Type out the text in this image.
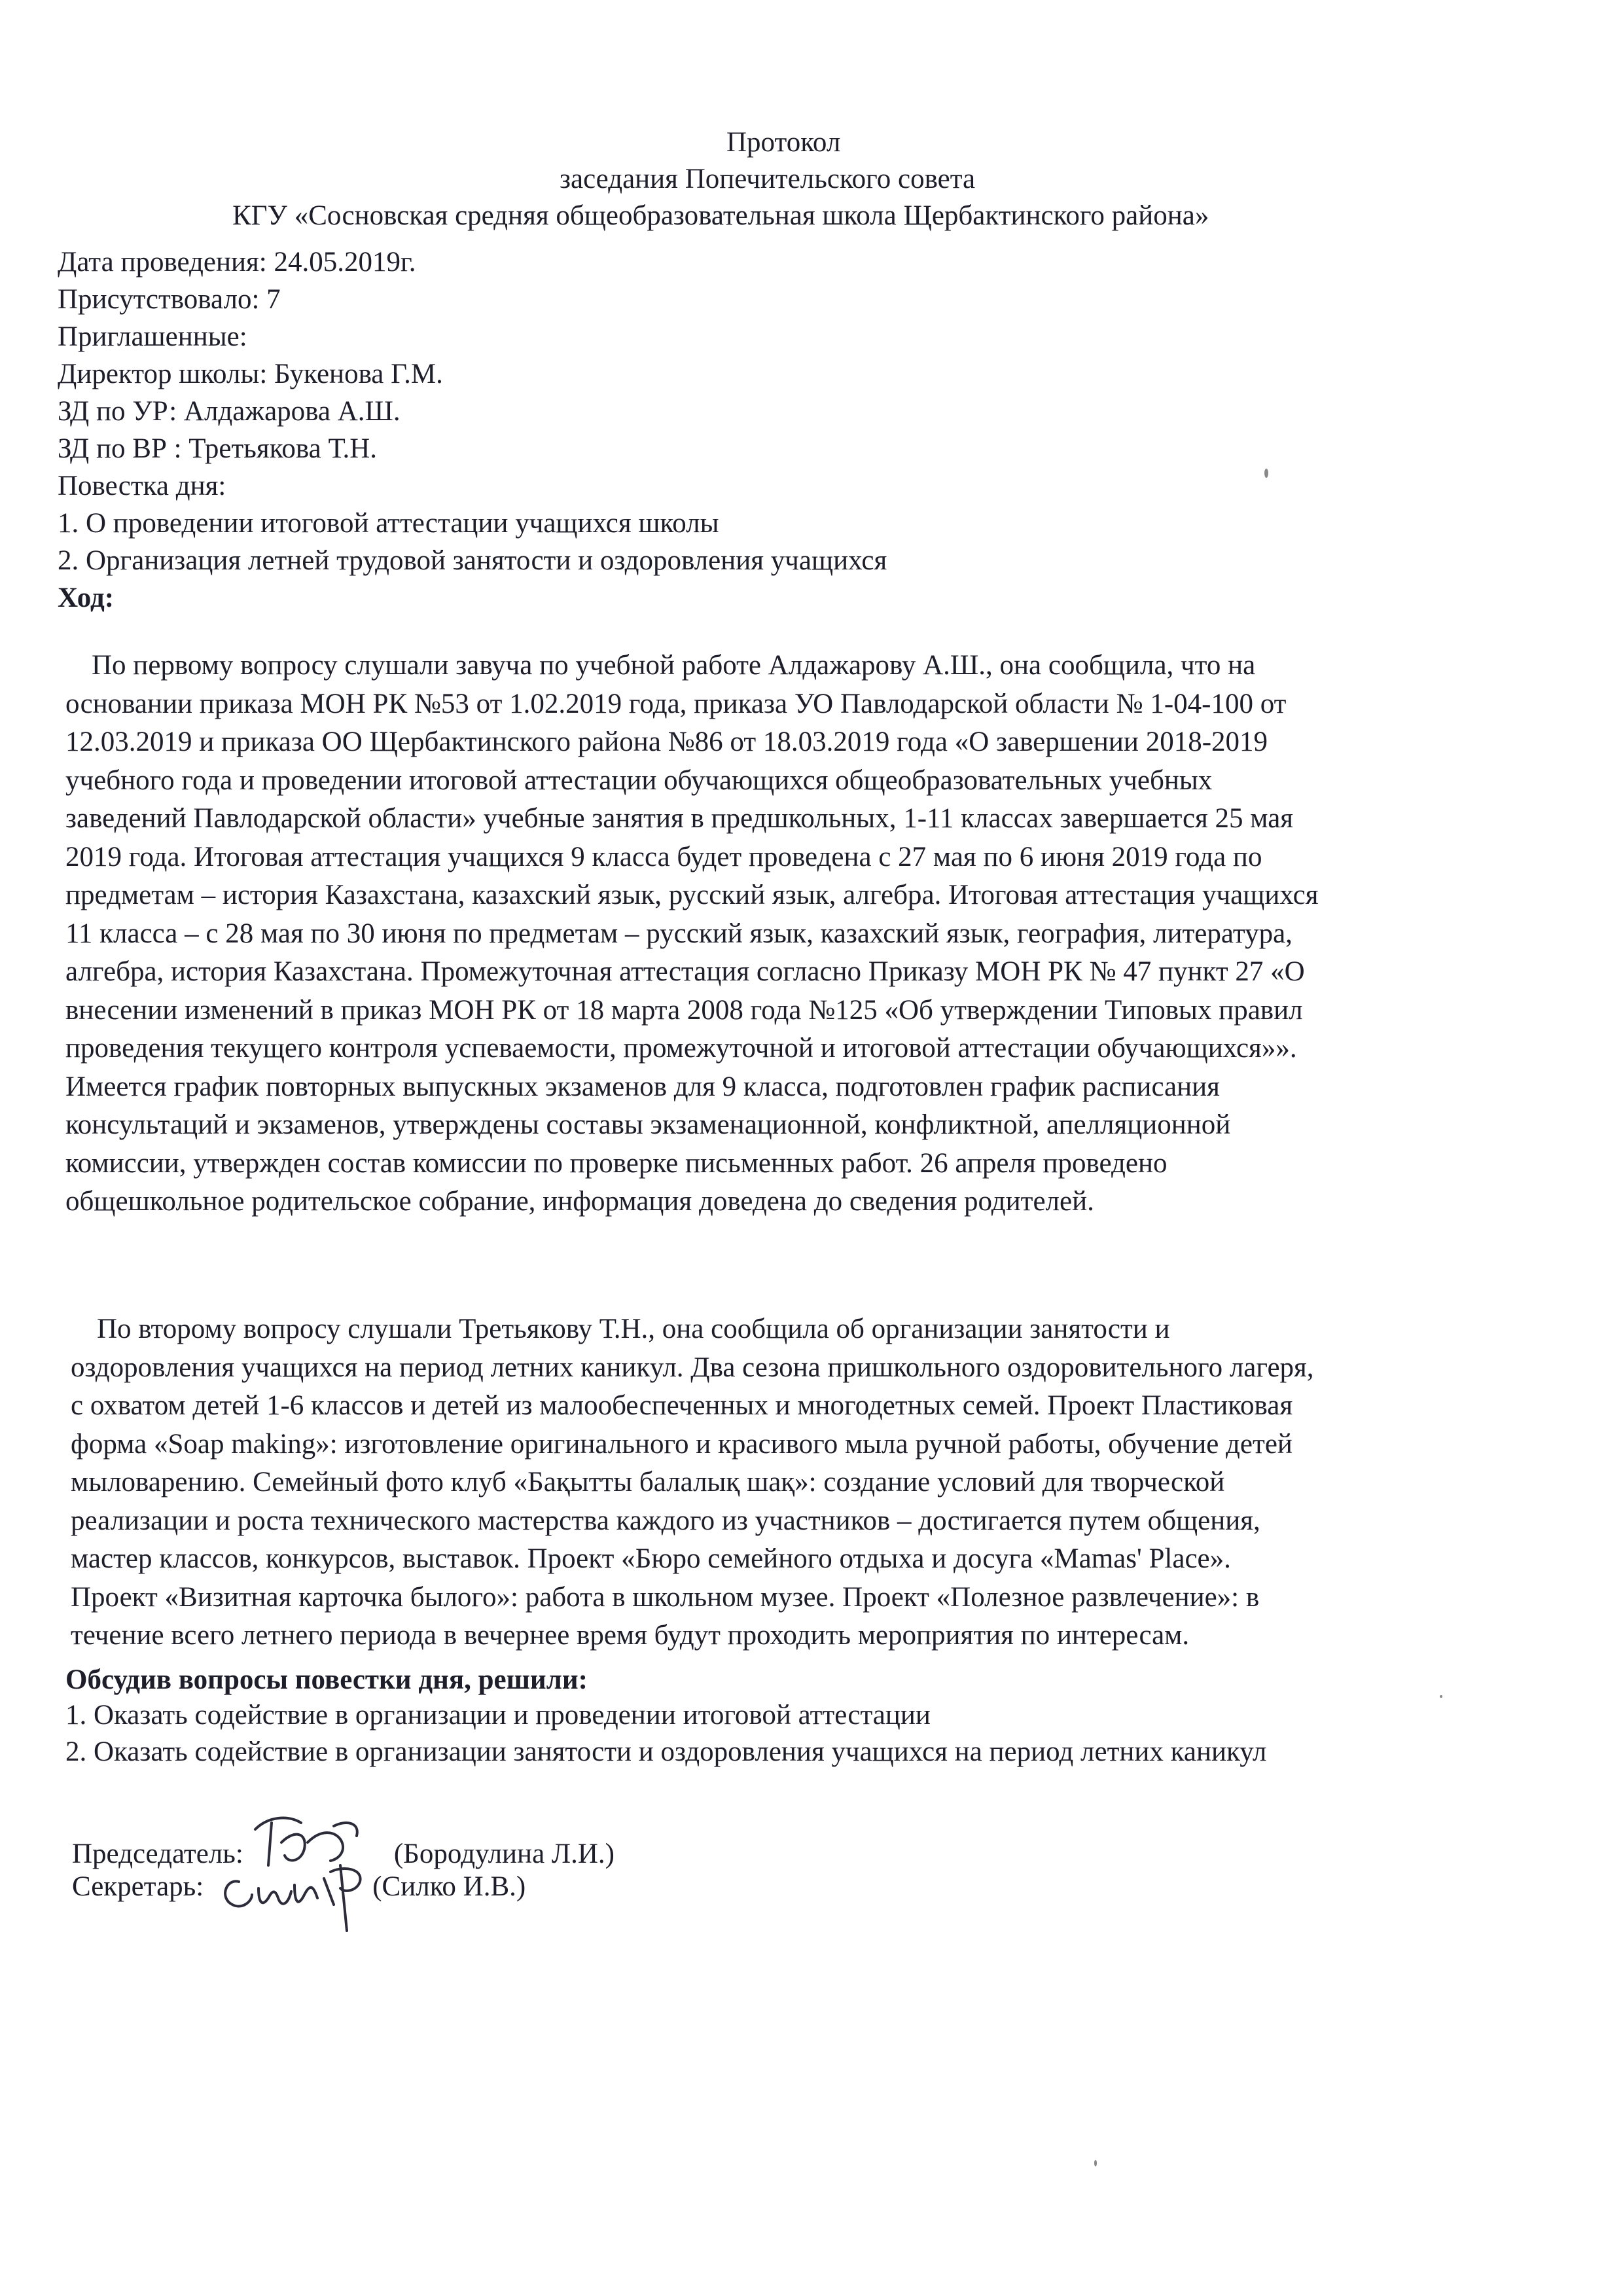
Протокол
заседания Попечительского совета
КГУ «Сосновская средняя общеобразовательная школа Щербактинского района»
Дата проведения: 24.05.2019г.
Присутствовало: 7
Приглашенные:
Директор школы: Букенова Г.М.
ЗД по УР: Алдажарова А.Ш.
ЗД по ВР : Третьякова Т.Н.
Повестка дня:
1. О проведении итоговой аттестации учащихся школы
2. Организация летней трудовой занятости и оздоровления учащихся
Ход:
По первому вопросу слушали завуча по учебной работе Алдажарову А.Ш., она сообщила, что на
основании приказа МОН РК №53 от 1.02.2019 года, приказа УО Павлодарской области № 1-04-100 от
12.03.2019 и приказа ОО Щербактинского района №86 от 18.03.2019 года «О завершении 2018-2019
учебного года и проведении итоговой аттестации обучающихся общеобразовательных учебных
заведений Павлодарской области» учебные занятия в предшкольных, 1-11 классах завершается 25 мая
2019 года. Итоговая аттестация учащихся 9 класса будет проведена с 27 мая по 6 июня 2019 года по
предметам – история Казахстана, казахский язык, русский язык, алгебра. Итоговая аттестация учащихся
11 класса – с 28 мая по 30 июня по предметам – русский язык, казахский язык, география, литература,
алгебра, история Казахстана. Промежуточная аттестация согласно Приказу МОН РК № 47 пункт 27 «О
внесении изменений в приказ МОН РК от 18 марта 2008 года №125 «Об утверждении Типовых правил
проведения текущего контроля успеваемости, промежуточной и итоговой аттестации обучающихся»».
Имеется график повторных выпускных экзаменов для 9 класса, подготовлен график расписания
консультаций и экзаменов, утверждены составы экзаменационной, конфликтной, апелляционной
комиссии, утвержден состав комиссии по проверке письменных работ. 26 апреля проведено
общешкольное родительское собрание, информация доведена до сведения родителей.
По второму вопросу слушали Третьякову Т.Н., она сообщила об организации занятости и
оздоровления учащихся на период летних каникул. Два сезона пришкольного оздоровительного лагеря,
с охватом детей 1-6 классов и детей из малообеспеченных и многодетных семей. Проект Пластиковая
форма «Soap making»: изготовление оригинального и красивого мыла ручной работы, обучение детей
мыловарению. Семейный фото клуб «Бақытты балалық шақ»: создание условий для творческой
реализации и роста технического мастерства каждого из участников – достигается путем общения,
мастер классов, конкурсов, выставок. Проект «Бюро семейного отдыха и досуга «Mamas' Place».
Проект «Визитная карточка былого»: работа в школьном музее. Проект «Полезное развлечение»: в
течение всего летнего периода в вечернее время будут проходить мероприятия по интересам.
Обсудив вопросы повестки дня, решили:
1. Оказать содействие в организации и проведении итоговой аттестации
2. Оказать содействие в организации занятости и оздоровления учащихся на период летних каникул
Председатель:	(Бородулина Л.И.)
Секретарь:	(Силко И.В.)
